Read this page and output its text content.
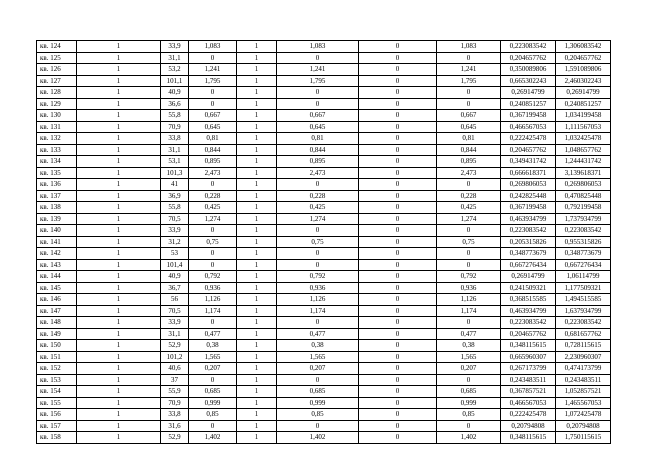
кв. 124	1	33,9	1,083	1	1,083	0	1,083	0,223083542	1,306083542
кв. 125	1	31,1	0	1	0	0	0	0,204657762	0,204657762
кв. 126	1	53,2	1,241	1	1,241	0	1,241	0,350089806	1,591089806
кв. 127	1	101,1	1,795	1	1,795	0	1,795	0,665302243	2,460302243
кв. 128	1	40,9	0	1	0	0	0	0,26914799	0,26914799
кв. 129	1	36,6	0	1	0	0	0	0,240851257	0,240851257
кв. 130	1	55,8	0,667	1	0,667	0	0,667	0,367199458	1,034199458
кв. 131	1	70,9	0,645	1	0,645	0	0,645	0,466567053	1,111567053
кв. 132	1	33,8	0,81	1	0,81	0	0,81	0,222425478	1,032425478
кв. 133	1	31,1	0,844	1	0,844	0	0,844	0,204657762	1,048657762
кв. 134	1	53,1	0,895	1	0,895	0	0,895	0,349431742	1,244431742
кв. 135	1	101,3	2,473	1	2,473	0	2,473	0,666618371	3,139618371
кв. 136	1	41	0	1	0	0	0	0,269806053	0,269806053
кв. 137	1	36,9	0,228	1	0,228	0	0,228	0,242825448	0,470825448
кв. 138	1	55,8	0,425	1	0,425	0	0,425	0,367199458	0,792199458
кв. 139	1	70,5	1,274	1	1,274	0	1,274	0,463934799	1,737934799
кв. 140	1	33,9	0	1	0	0	0	0,223083542	0,223083542
кв. 141	1	31,2	0,75	1	0,75	0	0,75	0,205315826	0,955315826
кв. 142	1	53	0	1	0	0	0	0,348773679	0,348773679
кв. 143	1	101,4	0	1	0	0	0	0,667276434	0,667276434
кв. 144	1	40,9	0,792	1	0,792	0	0,792	0,26914799	1,06114799
кв. 145	1	36,7	0,936	1	0,936	0	0,936	0,241509321	1,177509321
кв. 146	1	56	1,126	1	1,126	0	1,126	0,368515585	1,494515585
кв. 147	1	70,5	1,174	1	1,174	0	1,174	0,463934799	1,637934799
кв. 148	1	33,9	0	1	0	0	0	0,223083542	0,223083542
кв. 149	1	31,1	0,477	1	0,477	0	0,477	0,204657762	0,681657762
кв. 150	1	52,9	0,38	1	0,38	0	0,38	0,348115615	0,728115615
кв. 151	1	101,2	1,565	1	1,565	0	1,565	0,665960307	2,230960307
кв. 152	1	40,6	0,207	1	0,207	0	0,207	0,267173799	0,474173799
кв. 153	1	37	0	1	0	0	0	0,243483511	0,243483511
кв. 154	1	55,9	0,685	1	0,685	0	0,685	0,367857521	1,052857521
кв. 155	1	70,9	0,999	1	0,999	0	0,999	0,466567053	1,465567053
кв. 156	1	33,8	0,85	1	0,85	0	0,85	0,222425478	1,072425478
кв. 157	1	31,6	0	1	0	0	0	0,20794808	0,20794808
кв. 158	1	52,9	1,402	1	1,402	0	1,402	0,348115615	1,750115615
